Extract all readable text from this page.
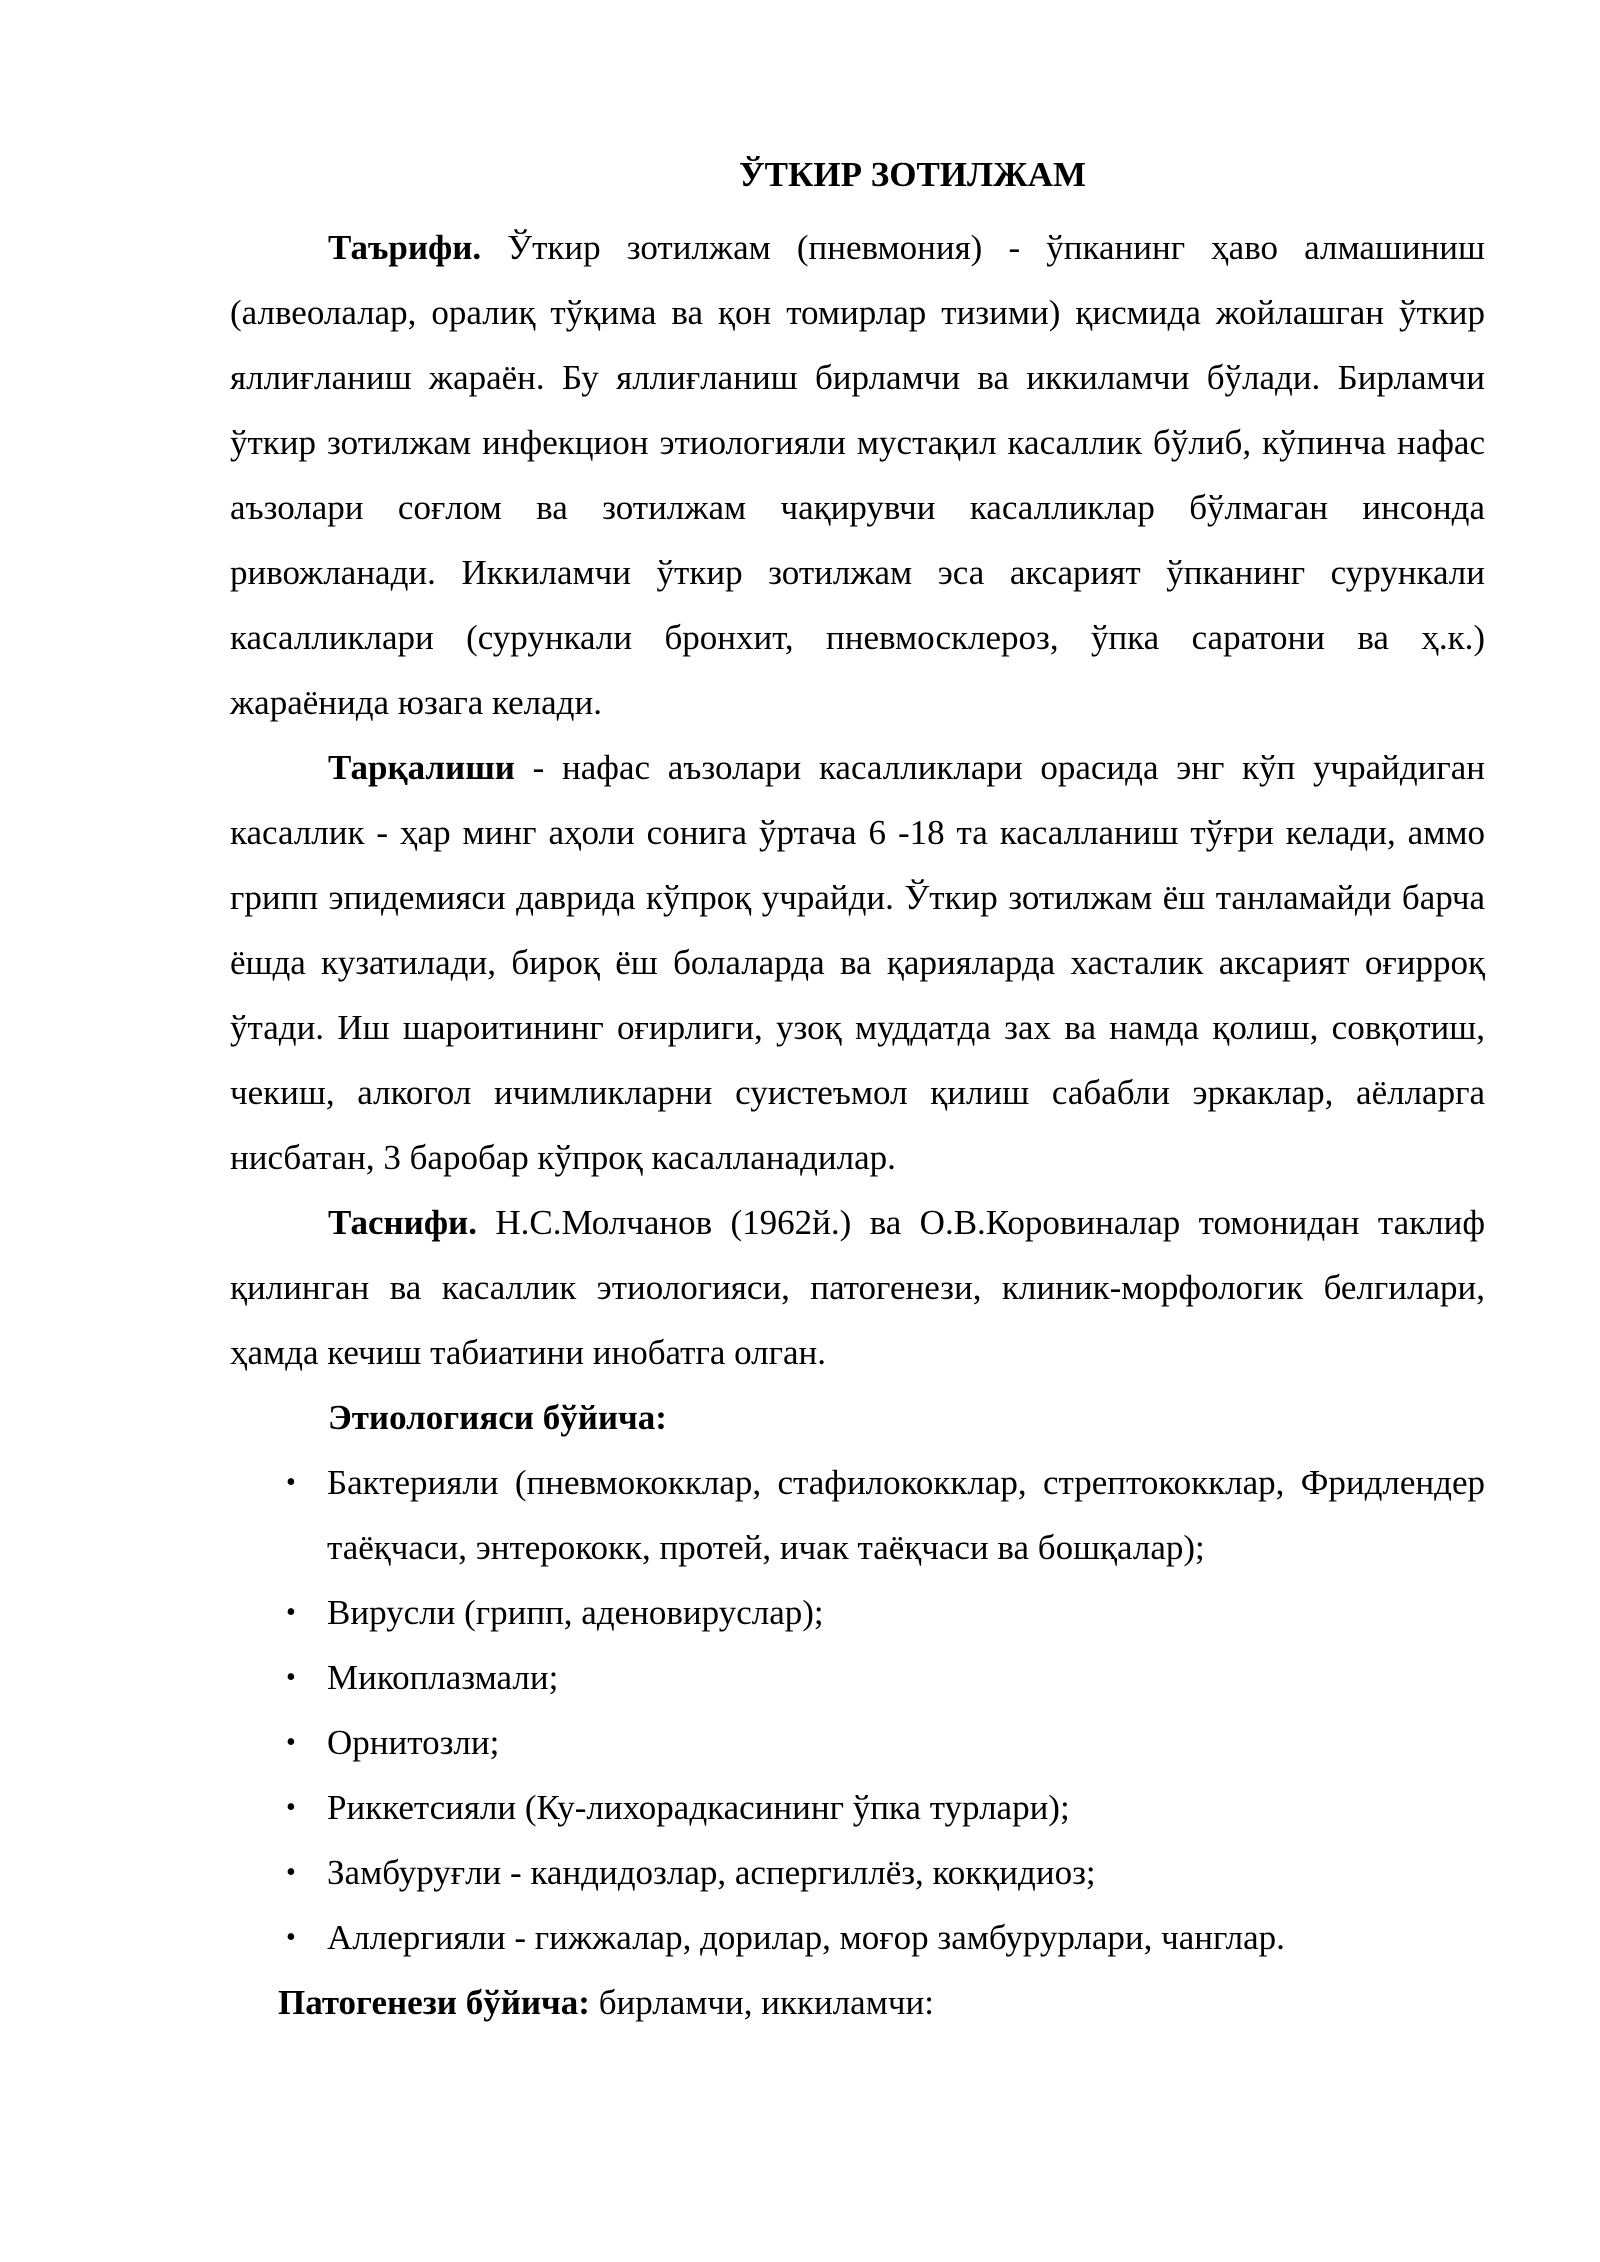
ЎТКИР ЗОТИЛЖАМ

Таърифи. Ўткир зотилжам (пневмония) - ўпканинг ҳаво алмашиниш (алвеолалар, оралиқ тўқима ва қон томирлар тизими) қисмида жойлашган ўткир яллиғланиш жараён. Бу яллиғланиш бирламчи ва иккиламчи бўлади. Бирламчи ўткир зотилжам инфекцион этиологияли мустақил касаллик бўлиб, кўпинча нафас аъзолари соғлом ва зотилжам чақирувчи касалликлар бўлмаган инсонда ривожланади. Иккиламчи ўткир зотилжам эса аксарият ўпканинг сурункали касалликлари (сурункали бронхит, пневмосклероз, ўпка саратони ва ҳ.к.) жараёнида юзага келади.

Тарқалиши - нафас аъзолари касалликлари орасида энг кўп учрайдиган касаллик - ҳар минг аҳоли сонига ўртача 6 -18 та касалланиш тўғри келади, аммо грипп эпидемияси даврида кўпроқ учрайди. Ўткир зотилжам ёш танламайди барча ёшда кузатилади, бироқ ёш болаларда ва қарияларда хасталик аксарият оғирроқ ўтади. Иш шароитининг оғирлиги, узоқ муддатда зах ва намда қолиш, совқотиш, чекиш, алкогол ичимликларни суистеъмол қилиш сабабли эркаклар, аёлларга нисбатан, 3 баробар кўпроқ касалланадилар.

Таснифи. Н.С.Молчанов (1962й.) ва О.В.Коровиналар томонидан таклиф қилинган ва касаллик этиологияси, патогенези, клиник-морфологик белгилари, ҳамда кечиш табиатини инобатга олган.

Этиологияси бўйича:

• Бактерияли (пневмококклар, стафилококклар, стрептококклар, Фридлендер таёқчаси, энтерококк, протей, ичак таёқчаси ва бошқалар);
• Вирусли (грипп, аденовируслар);
• Микоплазмали;
• Орнитозли;
• Риккетсияли (Ку-лихорадкасининг ўпка турлари);
• Замбуруғли - кандидозлар, аспергиллёз, кокқидиоз;
• Аллергияли - гижжалар, дорилар, моғор замбурурлари, чанглар.

Патогенези бўйича: бирламчи, иккиламчи:
